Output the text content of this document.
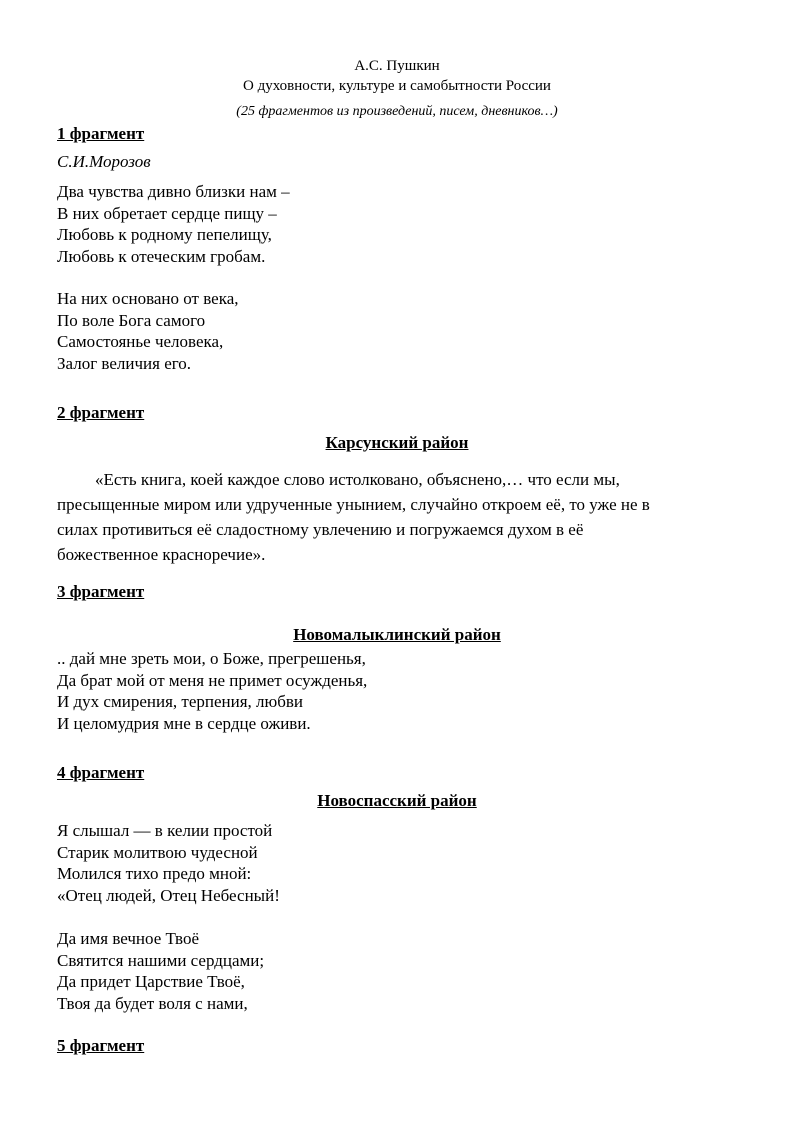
А.С. Пушкин
О духовности, культуре и самобытности России
(25 фрагментов из произведений, писем, дневников…)
1 фрагмент
С.И.Морозов
Два чувства дивно близки нам –
В них обретает сердце пищу –
Любовь к родному пепелищу,
Любовь к отеческим гробам.
На них основано от века,
По воле Бога самого
Самостоянье человека,
Залог величия его.
2 фрагмент
Карсунский район
«Есть книга, коей каждое слово истолковано, объяснено,… что если мы,
пресыщенные миром или удрученные унынием, случайно откроем её, то уже не в
силах противиться её сладостному увлечению и погружаемся духом в её
божественное красноречие».
3 фрагмент
Новомалыклинский район
.. дай мне зреть мои, о Боже, прегрешенья,
Да брат мой от меня не примет осужденья,
И дух смирения, терпения, любви
И целомудрия мне в сердце оживи.
4 фрагмент
Новоспасский район
Я слышал — в келии простой
Старик молитвою чудесной
Молился тихо предо мной:
«Отец людей, Отец Небесный!
Да имя вечное Твоё
Святится нашими сердцами;
Да придет Царствие Твоё,
Твоя да будет воля с нами,
5 фрагмент
